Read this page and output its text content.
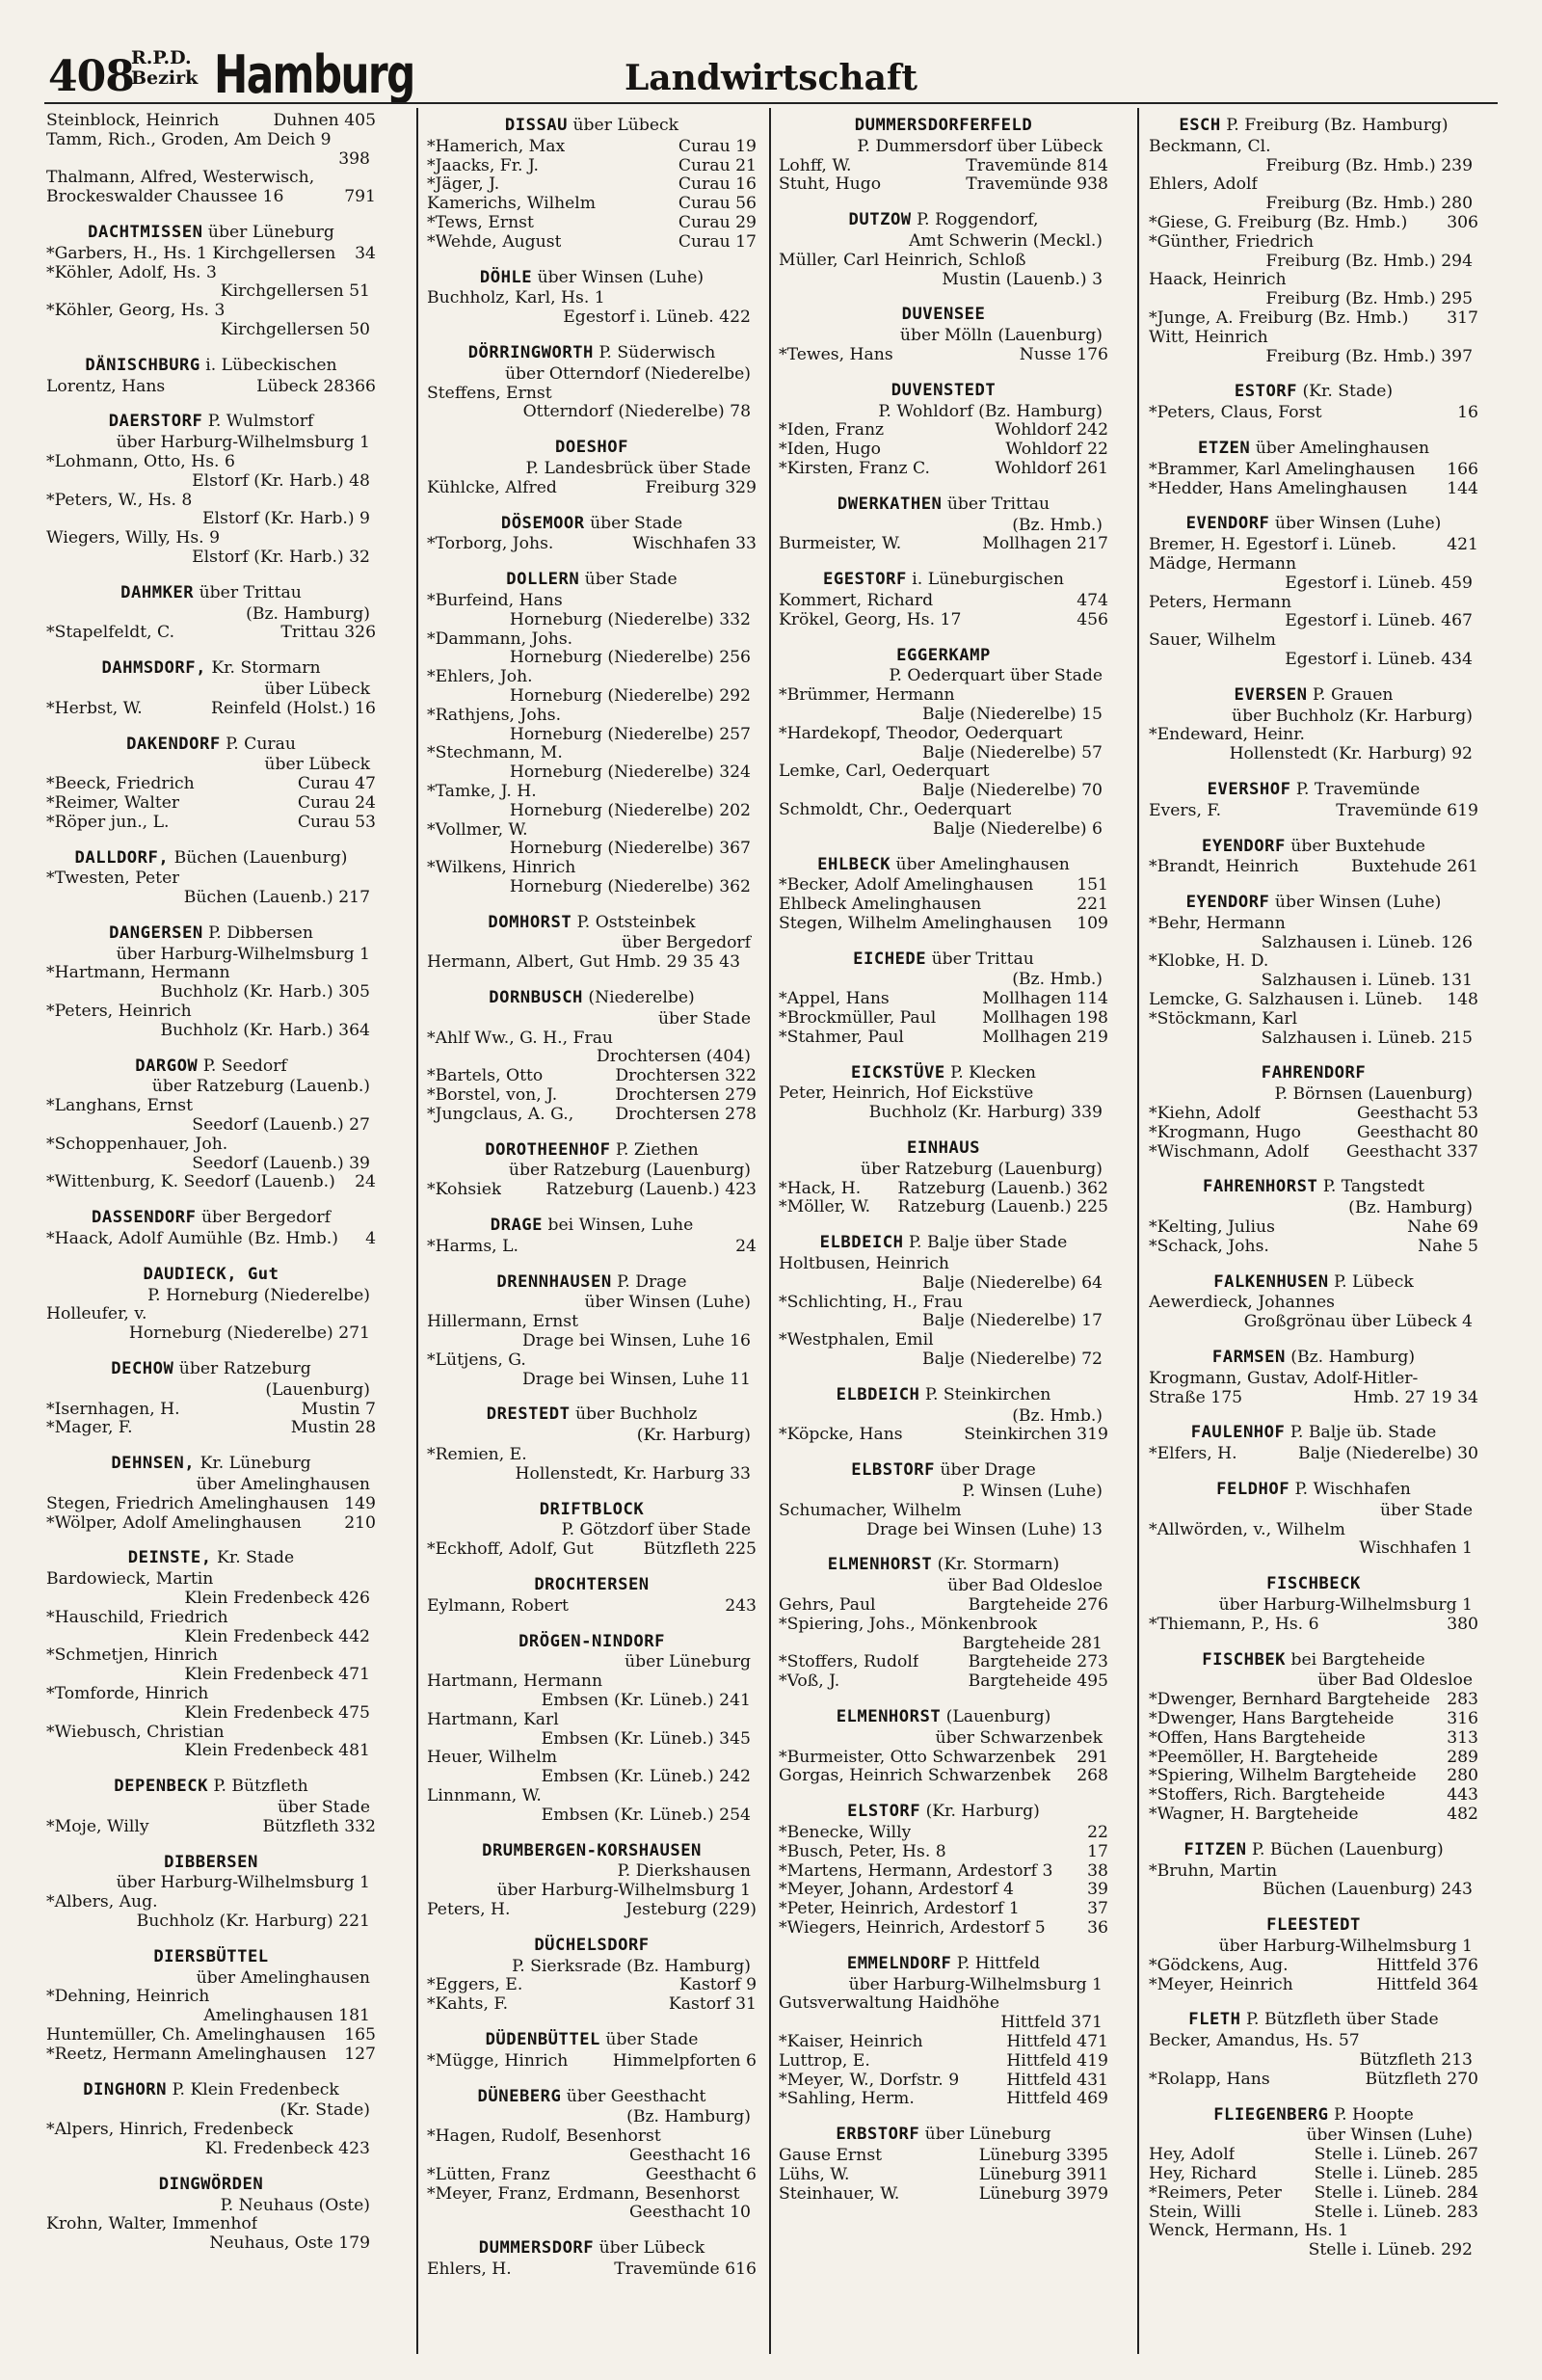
408
R.P.D.
Bezirk Hamburg	Landwirtschaft
Steinblock, Heinrich	Duhnen 405
Tamm, Rich., Groden, Am Deich 9
398
Thalmann, Alfred, Westerwisch,
Brockeswalder Chaussee 16	791
DACHTMISSEN über Lüneburg
*Garbers, H., Hs. 1 Kirchgellersen 34
*Köhler, Adolf, Hs. 3
Kirchgellersen 51
*Köhler, Georg, Hs. 3
Kirchgellersen 50
DÄNISCHBURG i. Lübeckischen
Lorentz, Hans	Lübeck 28366
DAERSTORF P. Wulmstorf
über Harburg-Wilhelmsburg 1
*Lohmann, Otto, Hs. 6
Elstorf (Kr. Harb.) 48
*Peters, W., Hs. 8
Elstorf (Kr. Harb.) 9
Wiegers, Willy, Hs. 9
Elstorf (Kr. Harb.) 32
DAHMKER über Trittau
(Bz. Hamburg)
*Stapelfeldt, C.	Trittau 326
DAHMSDORF, Kr. Stormarn
über Lübeck
*Herbst, W.	Reinfeld (Holst.) 16
DAKENDORF P. Curau
über Lübeck
*Beeck, Friedrich	Curau 47
*Reimer, Walter	Curau 24
*Röper jun., L.	Curau 53
DALLDORF, Büchen (Lauenburg)
*Twesten, Peter
Büchen (Lauenb.) 217
DANGERSEN P. Dibbersen
über Harburg-Wilhelmsburg 1
*Hartmann, Hermann
Buchholz (Kr. Harb.) 305
*Peters, Heinrich
Buchholz (Kr. Harb.) 364
DARGOW P. Seedorf
über Ratzeburg (Lauenb.)
*Langhans, Ernst
Seedorf (Lauenb.) 27
*Schoppenhauer, Joh.
Seedorf (Lauenb.) 39
*Wittenburg, K. Seedorf (Lauenb.) 24
DASSENDORF über Bergedorf
*Haack, Adolf Aumühle (Bz. Hmb.) 4
DAUDIECK, Gut
P. Horneburg (Niederelbe)
Holleufer, v.
Horneburg (Niederelbe) 271
DECHOW über Ratzeburg
(Lauenburg)
*Isernhagen, H.	Mustin 7
*Mager, F.	Mustin 28
DEHNSEN, Kr. Lüneburg
über Amelinghausen
Stegen, Friedrich Amelinghausen 149
*Wölper, Adolf Amelinghausen	210
DEINSTE, Kr. Stade
Bardowieck, Martin
Klein Fredenbeck 426
*Hauschild, Friedrich
Klein Fredenbeck 442
*Schmetjen, Hinrich
Klein Fredenbeck 471
*Tomforde, Hinrich
Klein Fredenbeck 475
*Wiebusch, Christian
Klein Fredenbeck 481
DEPENBECK P. Bützfleth
über Stade
*Moje, Willy	Bützfleth 332
DIBBERSEN
über Harburg-Wilhelmsburg 1
*Albers, Aug.
Buchholz (Kr. Harburg) 221
DIERSBÜTTEL
über Amelinghausen
*Dehning, Heinrich
Amelinghausen 181
Huntemüller, Ch. Amelinghausen 165
*Reetz, Hermann Amelinghausen 127
DINGHORN P. Klein Fredenbeck
(Kr. Stade)
*Alpers, Hinrich, Fredenbeck
Kl. Fredenbeck 423
DINGWÖRDEN
P. Neuhaus (Oste)
Krohn, Walter, Immenhof
Neuhaus, Oste 179
DISSAU über Lübeck
*Hamerich, Max	Curau 19
*Jaacks, Fr. J.	Curau 21
*Jäger, J.	Curau 16
Kamerichs, Wilhelm	Curau 56
*Tews, Ernst	Curau 29
*Wehde, August	Curau 17
DÖHLE über Winsen (Luhe)
Buchholz, Karl, Hs. 1
Egestorf i. Lüneb. 422
DÖRRINGWORTH P. Süderwisch
über Otterndorf (Niederelbe)
Steffens, Ernst
Otterndorf (Niederelbe) 78
DOESHOF
P. Landesbrück über Stade
Kühlcke, Alfred	Freiburg 329
DÖSEMOOR über Stade
*Torborg, Johs.	Wischhafen 33
DOLLERN über Stade
*Burfeind, Hans
Horneburg (Niederelbe) 332
*Dammann, Johs.
Horneburg (Niederelbe) 256
*Ehlers, Joh.
Horneburg (Niederelbe) 292
*Rathjens, Johs.
Horneburg (Niederelbe) 257
*Stechmann, M.
Horneburg (Niederelbe) 324
*Tamke, J. H.
Horneburg (Niederelbe) 202
*Vollmer, W.
Horneburg (Niederelbe) 367
*Wilkens, Hinrich
Horneburg (Niederelbe) 362
DOMHORST P. Oststeinbek
über Bergedorf
Hermann, Albert, Gut Hmb. 29 35 43
DORNBUSCH (Niederelbe)
über Stade
*Ahlf Ww., G. H., Frau
Drochtersen (404)
*Bartels, Otto	Drochtersen 322
*Borstel, von, J.	Drochtersen 279
*Jungclaus, A. G.,	Drochtersen 278
DOROTHEENHOF P. Ziethen
über Ratzeburg (Lauenburg)
*Kohsiek	Ratzeburg (Lauenb.) 423
DRAGE bei Winsen, Luhe
*Harms, L.	24
DRENNHAUSEN P. Drage
über Winsen (Luhe)
Hillermann, Ernst
Drage bei Winsen, Luhe 16
*Lütjens, G.
Drage bei Winsen, Luhe 11
DRESTEDT über Buchholz
(Kr. Harburg)
*Remien, E.
Hollenstedt, Kr. Harburg 33
DRIFTBLOCK
P. Götzdorf über Stade
*Eckhoff, Adolf, Gut	Bützfleth 225
DROCHTERSEN
Eylmann, Robert	243
DRÖGEN-NINDORF
über Lüneburg
Hartmann, Hermann
Embsen (Kr. Lüneb.) 241
Hartmann, Karl
Embsen (Kr. Lüneb.) 345
Heuer, Wilhelm
Embsen (Kr. Lüneb.) 242
Linnmann, W.
Embsen (Kr. Lüneb.) 254
DRUMBERGEN-KORSHAUSEN
P. Dierkshausen
über Harburg-Wilhelmsburg 1
Peters, H.	Jesteburg (229)
DÜCHELSDORF
P. Sierksrade (Bz. Hamburg)
*Eggers, E.	Kastorf 9
*Kahts, F.	Kastorf 31
DÜDENBÜTTEL über Stade
*Mügge, Hinrich	Himmelpforten 6
DÜNEBERG über Geesthacht
(Bz. Hamburg)
*Hagen, Rudolf, Besenhorst
Geesthacht 16
*Lütten, Franz	Geesthacht 6
*Meyer, Franz, Erdmann, Besenhorst
Geesthacht 10
DUMMERSDORF über Lübeck
Ehlers, H.	Travemünde 616
DUMMERSDORFERFELD
P. Dummersdorf über Lübeck
Lohff, W.	Travemünde 814
Stuht, Hugo	Travemünde 938
DUTZOW P. Roggendorf,
Amt Schwerin (Meckl.)
Müller, Carl Heinrich, Schloß
Mustin (Lauenb.) 3
DUVENSEE
über Mölln (Lauenburg)
*Tewes, Hans	Nusse 176
DUVENSTEDT
P. Wohldorf (Bz. Hamburg)
*Iden, Franz	Wohldorf 242
*Iden, Hugo	Wohldorf 22
*Kirsten, Franz C.	Wohldorf 261
DWERKATHEN über Trittau
(Bz. Hmb.)
Burmeister, W.	Mollhagen 217
EGESTORF i. Lüneburgischen
Kommert, Richard	474
Krökel, Georg, Hs. 17	456
EGGERKAMP
P. Oederquart über Stade
*Brümmer, Hermann
Balje (Niederelbe) 15
*Hardekopf, Theodor, Oederquart
Balje (Niederelbe) 57
Lemke, Carl, Oederquart
Balje (Niederelbe) 70
Schmoldt, Chr., Oederquart
Balje (Niederelbe) 6
EHLBECK über Amelinghausen
*Becker, Adolf Amelinghausen	151
Ehlbeck Amelinghausen	221
Stegen, Wilhelm Amelinghausen 109
EICHEDE über Trittau
(Bz. Hmb.)
*Appel, Hans	Mollhagen 114
*Brockmüller, Paul	Mollhagen 198
*Stahmer, Paul	Mollhagen 219
EICKSTÜVE P. Klecken
Peter, Heinrich, Hof Eickstüve
Buchholz (Kr. Harburg) 339
EINHAUS
über Ratzeburg (Lauenburg)
*Hack, H. Ratzeburg (Lauenb.) 362
*Möller, W. Ratzeburg (Lauenb.) 225
ELBDEICH P. Balje über Stade
Holtbusen, Heinrich
Balje (Niederelbe) 64
*Schlichting, H., Frau
Balje (Niederelbe) 17
*Westphalen, Emil
Balje (Niederelbe) 72
ELBDEICH P. Steinkirchen
(Bz. Hmb.)
*Köpcke, Hans	Steinkirchen 319
ELBSTORF über Drage
P. Winsen (Luhe)
Schumacher, Wilhelm
Drage bei Winsen (Luhe) 13
ELMENHORST (Kr. Stormarn)
über Bad Oldesloe
Gehrs, Paul	Bargteheide 276
*Spiering, Johs., Mönkenbrook
Bargteheide 281
*Stoffers, Rudolf	Bargteheide 273
*Voß, J.	Bargteheide 495
ELMENHORST (Lauenburg)
über Schwarzenbek
*Burmeister, Otto Schwarzenbek 291
Gorgas, Heinrich Schwarzenbek 268
ELSTORF (Kr. Harburg)
*Benecke, Willy	22
*Busch, Peter, Hs. 8	17
*Martens, Hermann, Ardestorf 3 38
*Meyer, Johann, Ardestorf 4	39
*Peter, Heinrich, Ardestorf 1	37
*Wiegers, Heinrich, Ardestorf 5	36
EMMELNDORF P. Hittfeld
über Harburg-Wilhelmsburg 1
Gutsverwaltung Haidhöhe
Hittfeld 371
*Kaiser, Heinrich	Hittfeld 471
Luttrop, E.	Hittfeld 419
*Meyer, W., Dorfstr. 9	Hittfeld 431
*Sahling, Herm.	Hittfeld 469
ERBSTORF über Lüneburg
Gause Ernst	Lüneburg 3395
Lühs, W.	Lüneburg 3911
Steinhauer, W.	Lüneburg 3979
ESCH P. Freiburg (Bz. Hamburg)
Beckmann, Cl.
Freiburg (Bz. Hmb.) 239
Ehlers, Adolf
Freiburg (Bz. Hmb.) 280
*Giese, G. Freiburg (Bz. Hmb.) 306
*Günther, Friedrich
Freiburg (Bz. Hmb.) 294
Haack, Heinrich
Freiburg (Bz. Hmb.) 295
*Junge, A. Freiburg (Bz. Hmb.) 317
Witt, Heinrich
Freiburg (Bz. Hmb.) 397
ESTORF (Kr. Stade)
*Peters, Claus, Forst	16
ETZEN über Amelinghausen
*Brammer, Karl Amelinghausen 166
*Hedder, Hans Amelinghausen 144
EVENDORF über Winsen (Luhe)
Bremer, H. Egestorf i. Lüneb.	421
Mädge, Hermann
Egestorf i. Lüneb. 459
Peters, Hermann
Egestorf i. Lüneb. 467
Sauer, Wilhelm
Egestorf i. Lüneb. 434
EVERSEN P. Grauen
über Buchholz (Kr. Harburg)
*Endeward, Heinr.
Hollenstedt (Kr. Harburg) 92
EVERSHOF P. Travemünde
Evers, F.	Travemünde 619
EYENDORF über Buxtehude
*Brandt, Heinrich	Buxtehude 261
EYENDORF über Winsen (Luhe)
*Behr, Hermann
Salzhausen i. Lüneb. 126
*Klobke, H. D.
Salzhausen i. Lüneb. 131
Lemcke, G. Salzhausen i. Lüneb. 148
*Stöckmann, Karl
Salzhausen i. Lüneb. 215
FAHRENDORF
P. Börnsen (Lauenburg)
*Kiehn, Adolf	Geesthacht 53
*Krogmann, Hugo	Geesthacht 80
*Wischmann, Adolf Geesthacht 337
FAHRENHORST P. Tangstedt
(Bz. Hamburg)
*Kelting, Julius	Nahe 69
*Schack, Johs.	Nahe 5
FALKENHUSEN P. Lübeck
Aewerdieck, Johannes
Großgrönau über Lübeck 4
FARMSEN (Bz. Hamburg)
Krogmann, Gustav, Adolf-Hitler-
Straße 175	Hmb. 27 19 34
FAULENHOF P. Balje üb. Stade
*Elfers, H.	Balje (Niederelbe) 30
FELDHOF P. Wischhafen
über Stade
*Allwörden, v., Wilhelm
Wischhafen 1
FISCHBECK
über Harburg-Wilhelmsburg 1
*Thiemann, P., Hs. 6	380
FISCHBEK bei Bargteheide
über Bad Oldesloe
*Dwenger, Bernhard Bargteheide 283
*Dwenger, Hans Bargteheide	316
*Offen, Hans Bargteheide	313
*Peemöller, H. Bargteheide	289
*Spiering, Wilhelm Bargteheide 280
*Stoffers, Rich. Bargteheide	443
*Wagner, H. Bargteheide	482
FITZEN P. Büchen (Lauenburg)
*Bruhn, Martin
Büchen (Lauenburg) 243
FLEESTEDT
über Harburg-Wilhelmsburg 1
*Gödckens, Aug.	Hittfeld 376
*Meyer, Heinrich	Hittfeld 364
FLETH P. Bützfleth über Stade
Becker, Amandus, Hs. 57
Bützfleth 213
*Rolapp, Hans	Bützfleth 270
FLIEGENBERG P. Hoopte
über Winsen (Luhe)
Hey, Adolf	Stelle i. Lüneb. 267
Hey, Richard	Stelle i. Lüneb. 285
*Reimers, Peter Stelle i. Lüneb. 284
Stein, Willi	Stelle i. Lüneb. 283
Wenck, Hermann, Hs. 1
Stelle i. Lüneb. 292
